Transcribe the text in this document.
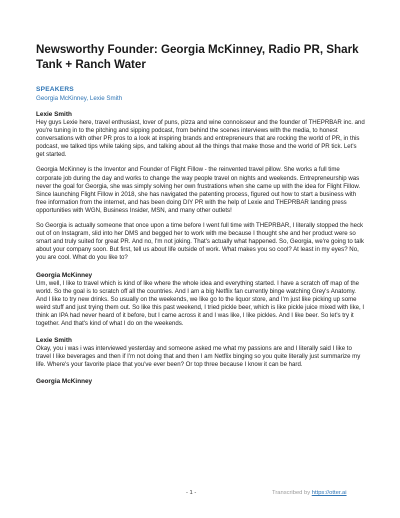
Newsworthy Founder: Georgia McKinney, Radio PR, Shark Tank + Ranch Water
SPEAKERS
Georgia McKinney, Lexie Smith
Lexie Smith

Hey guys Lexie here, travel enthusiast, lover of puns, pizza and wine connoisseur and the founder of THEPRBAR inc. and you're tuning in to the pitching and sipping podcast, from behind the scenes interviews with the media, to honest conversations with other PR pros to a look at inspiring brands and entrepreneurs that are rocking the world of PR, in this podcast, we talked tips while taking sips, and talking about all the things that make those and the world of PR tick. Let's get started.

Georgia McKinney is the Inventor and Founder of Flight Fillow - the reinvented travel pillow. She works a full time corporate job during the day and works to change the way people travel on nights and weekends. Entrepreneurship was never the goal for Georgia, she was simply solving her own frustrations when she came up with the idea for Flight Fillow. Since launching Flight Fillow in 2018, she has navigated the patenting process, figured out how to start a business with free information from the internet, and has been doing DIY PR with the help of Lexie and THEPRBAR landing press opportunities with WGN, Business Insider, MSN, and many other outlets!

So Georgia is actually someone that once upon a time before I went full time with THEPRBAR, I literally stopped the heck out of on Instagram, slid into her DMS and begged her to work with me because I thought she and her product were so smart and truly suited for great PR. And no, I'm not joking. That's actually what happened. So, Georgia, we're going to talk about your company soon. But first, tell us about life outside of work. What makes you so cool? At least in my eyes? No, you are cool. What do you like to?

Georgia McKinney

Um, well, I like to travel which is kind of like where the whole idea and everything started. I have a scratch off map of the world. So the goal is to scratch off all the countries. And I am a big Netflix fan currently binge watching Grey's Anatomy. And I like to try new drinks. So usually on the weekends, we like go to the liquor store, and I'm just like picking up some weird stuff and just trying them out. So like this past weekend, I tried pickle beer, which is like pickle juice mixed with like, I think an IPA had never heard of it before, but I came across it and I was like, I like pickles. And I like beer. So let's try it together. And that's kind of what I do on the weekends.

Lexie Smith

Okay, you i was i was interviewed yesterday and someone asked me what my passions are and I literally said I like to travel I like beverages and then if I'm not doing that and then I am Netflix binging so you quite literally just summarize my life. Where's your favorite place that you've ever been? Or top three because I know it can be hard.

Georgia McKinney
- 1 -	Transcribed by https://otter.ai
